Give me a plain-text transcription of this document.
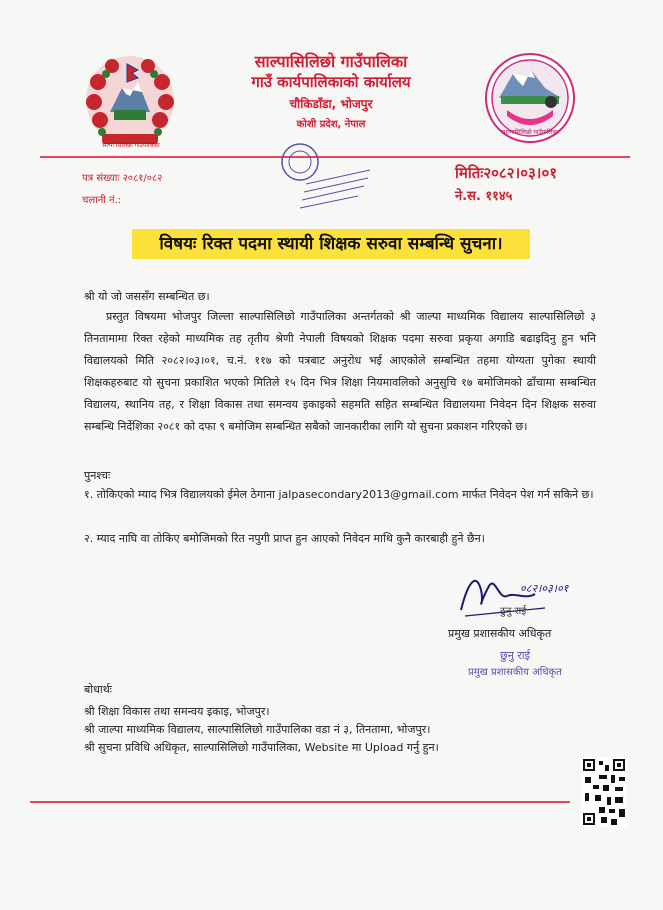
सल्पा सिलिछो गाउँपालिका
साल्पासिलिछो गाउँपालिका
गाउँ कार्यपालिकाको कार्यालय
चौकिडाँडा, भोजपुर
कोशी प्रदेश, नेपाल
साल्पासिलिछो गाउँपालिका
पत्र संख्याः २०८१/०८२
चलानी नं.:
मितिः२०८२।०३।०१
ने.स. ११४५
विषयः रिक्त पदमा स्थायी शिक्षक सरुवा सम्बन्धि सुचना।
श्री यो जो जससँग सम्बन्धित छ।
प्रस्तुत विषयमा भोजपुर जिल्ला साल्पासिलिछो गाउँपालिका अन्तर्गतको श्री जाल्पा माध्यमिक विद्यालय साल्पासिलिछो ३ तिनतामामा रिक्त रहेको माध्यमिक तह तृतीय श्रेणी नेपाली विषयको शिक्षक पदमा सरुवा प्रकृया अगाडि बढाइदिनु हुन भनि विद्यालयको मिति २०८२।०३।०१, च.नं. ११७ को पत्रबाट अनुरोध भई आएकोले सम्बन्धित तहमा योग्यता पुगेका स्थायी शिक्षकहरुबाट यो सुचना प्रकाशित भएको मितिले १५ दिन भित्र शिक्षा नियमावलिको अनुसुचि १७ बमोजिमको ढाँचामा सम्बन्धित विद्यालय, स्थानिय तह, र शिक्षा विकास तथा समन्वय इकाइको सहमति सहित सम्बन्धित विद्यालयमा निवेदन दिन शिक्षक सरुवा सम्बन्धि निर्देशिका २०८१ को दफा ९ बमोजिम सम्बन्धित सबैको जानकारीका लागि यो सुचना प्रकाशन गरिएको छ।
पुनश्चः
१. तोकिएको म्याद भित्र विद्यालयको ईमेल ठेगाना jalpasecondary2013@gmail.com मार्फत निवेदन पेश गर्न सकिने छ।
२. म्याद नाघि वा तोकिए बमोजिमको रित नपुगी प्राप्त हुन आएको निवेदन माथि कुनै कारबाही हुने छैन।
०८२।०३।०१
ठुनु राई
प्रमुख प्रशासकीय अधिकृत
छुनु राई
प्रमुख प्रशासकीय अधिकृत
बोधार्थः
श्री शिक्षा विकास तथा समन्वय इकाइ, भोजपुर।
श्री जाल्पा माध्यमिक विद्यालय, साल्पासिलिछो गाउँपालिका वडा नं ३, तिनतामा, भोजपुर।
श्री सुचना प्रविधि अधिकृत, साल्पासिलिछो गाउँपालिका, Website मा Upload गर्नु हुन।
